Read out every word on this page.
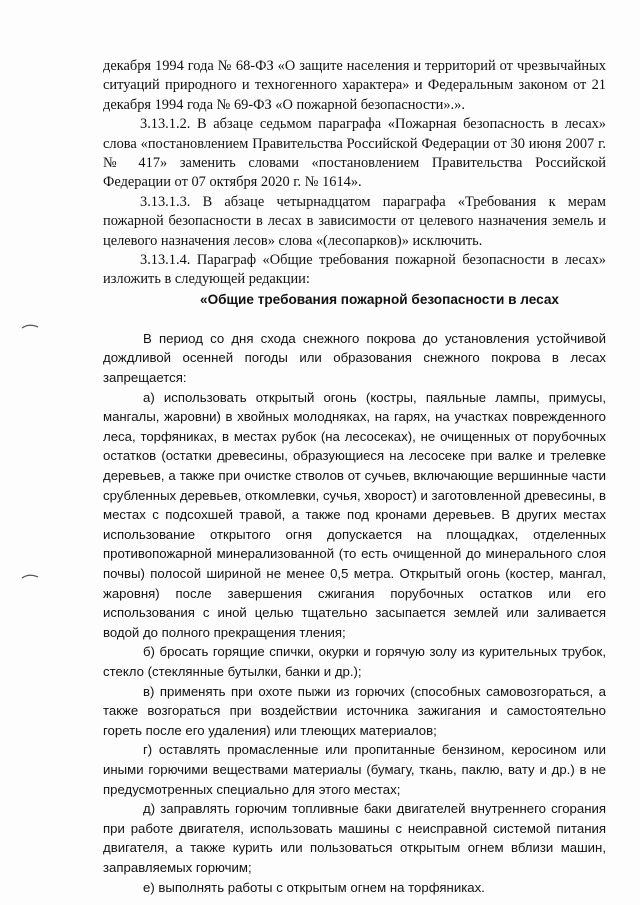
декабря 1994 года № 68-ФЗ «О защите населения и территорий от чрезвычайных ситуаций природного и техногенного характера» и Федеральным законом от 21 декабря 1994 года № 69-ФЗ «О пожарной безопасности».».

3.13.1.2. В абзаце седьмом параграфа «Пожарная безопасность в лесах» слова «постановлением Правительства Российской Федерации от 30 июня 2007 г. № 417» заменить словами «постановлением Правительства Российской Федерации от 07 октября 2020 г. № 1614».

3.13.1.3. В абзаце четырнадцатом параграфа «Требования к мерам пожарной безопасности в лесах в зависимости от целевого назначения земель и целевого назначения лесов» слова «(лесопарков)» исключить.

3.13.1.4. Параграф «Общие требования пожарной безопасности в лесах» изложить в следующей редакции:

«Общие требования пожарной безопасности в лесах

В период со дня схода снежного покрова до установления устойчивой дождливой осенней погоды или образования снежного покрова в лесах запрещается:

а) использовать открытый огонь (костры, паяльные лампы, примусы, мангалы, жаровни) в хвойных молодняках, на гарях, на участках поврежденного леса, торфяниках, в местах рубок (на лесосеках), не очищенных от порубочных остатков (остатки древесины, образующиеся на лесосеке при валке и трелевке деревьев, а также при очистке стволов от сучьев, включающие вершинные части срубленных деревьев, откомлевки, сучья, хворост) и заготовленной древесины, в местах с подсохшей травой, а также под кронами деревьев. В других местах использование открытого огня допускается на площадках, отделенных противопожарной минерализованной (то есть очищенной до минерального слоя почвы) полосой шириной не менее 0,5 метра. Открытый огонь (костер, мангал, жаровня) после завершения сжигания порубочных остатков или его использования с иной целью тщательно засыпается землей или заливается водой до полного прекращения тления;

б) бросать горящие спички, окурки и горячую золу из курительных трубок, стекло (стеклянные бутылки, банки и др.);

в) применять при охоте пыжи из горючих (способных самовозгораться, а также возгораться при воздействии источника зажигания и самостоятельно гореть после его удаления) или тлеющих материалов;

г) оставлять промасленные или пропитанные бензином, керосином или иными горючими веществами материалы (бумагу, ткань, паклю, вату и др.) в не предусмотренных специально для этого местах;

д) заправлять горючим топливные баки двигателей внутреннего сгорания при работе двигателя, использовать машины с неисправной системой питания двигателя, а также курить или пользоваться открытым огнем вблизи машин, заправляемых горючим;

е) выполнять работы с открытым огнем на торфяниках.
